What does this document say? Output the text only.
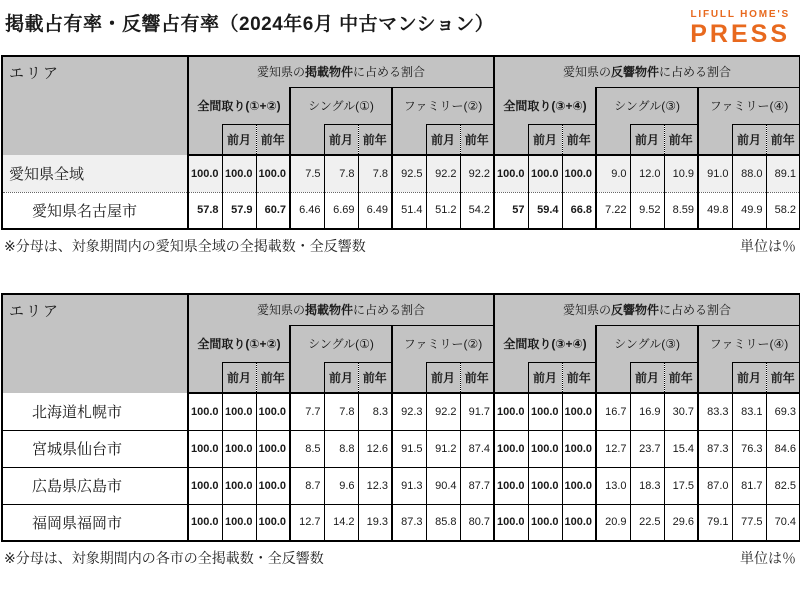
掲載占有率・反響占有率（2024年6月 中古マンション）	LIFULL HOME'S
PRESS
エリア	愛知県の掲載物件に占める割合									愛知県の反響物件に占める割合								
	全間取り(①+②)			シングル(①)			ファミリー(②)			全間取り(③+④)			シングル(③)			ファミリー(④)		
		前月	前年		前月	前年		前月	前年		前月	前年		前月	前年		前月	前年
愛知県全域	100.0	100.0	100.0	7.5	7.8	7.8	92.5	92.2	92.2	100.0	100.0	100.0	9.0	12.0	10.9	91.0	88.0	89.1
愛知県名古屋市	57.8	57.9	60.7	6.46	6.69	6.49	51.4	51.2	54.2	57	59.4	66.8	7.22	9.52	8.59	49.8	49.9	58.2
※分母は、対象期間内の愛知県全域の全掲載数・全反響数	単位は％
エリア	愛知県の掲載物件に占める割合									愛知県の反響物件に占める割合								
	全間取り(①+②)			シングル(①)			ファミリー(②)			全間取り(③+④)			シングル(③)			ファミリー(④)		
		前月	前年		前月	前年		前月	前年		前月	前年		前月	前年		前月	前年
北海道札幌市	100.0	100.0	100.0	7.7	7.8	8.3	92.3	92.2	91.7	100.0	100.0	100.0	16.7	16.9	30.7	83.3	83.1	69.3
宮城県仙台市	100.0	100.0	100.0	8.5	8.8	12.6	91.5	91.2	87.4	100.0	100.0	100.0	12.7	23.7	15.4	87.3	76.3	84.6
広島県広島市	100.0	100.0	100.0	8.7	9.6	12.3	91.3	90.4	87.7	100.0	100.0	100.0	13.0	18.3	17.5	87.0	81.7	82.5
福岡県福岡市	100.0	100.0	100.0	12.7	14.2	19.3	87.3	85.8	80.7	100.0	100.0	100.0	20.9	22.5	29.6	79.1	77.5	70.4
※分母は、対象期間内の各市の全掲載数・全反響数	単位は％
